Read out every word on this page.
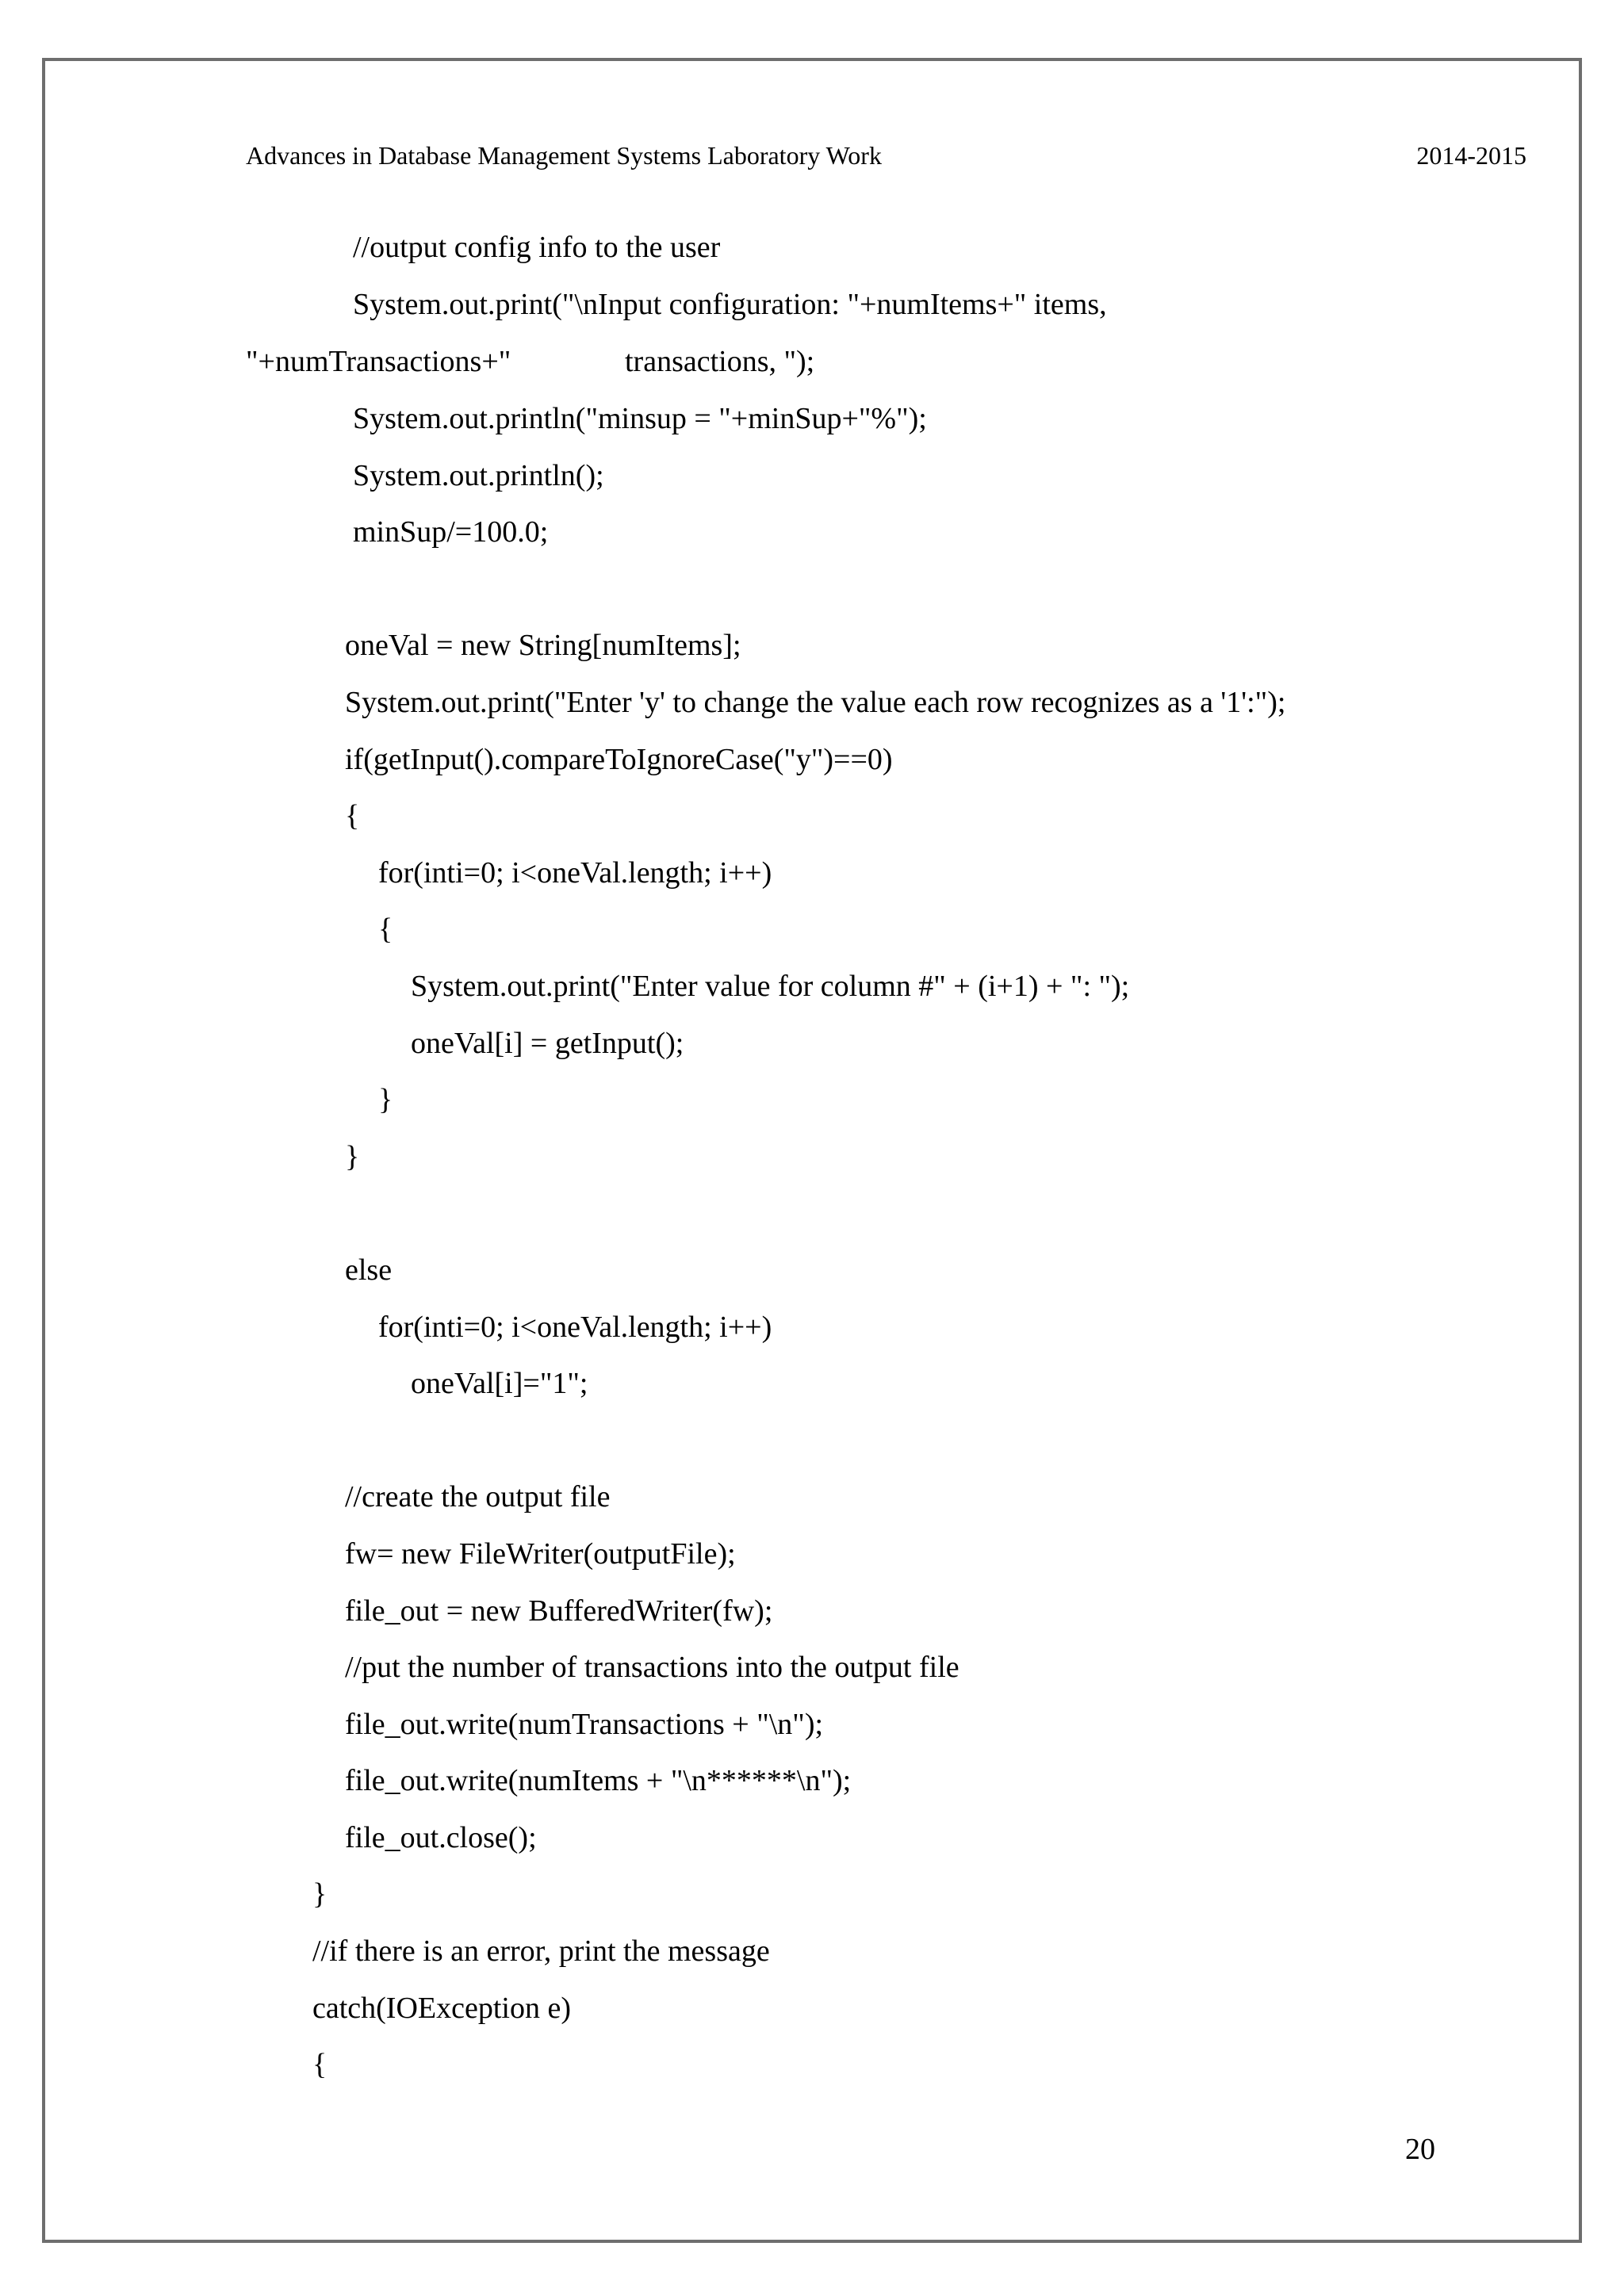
Advances in Database Management Systems Laboratory Work	2014-2015
//output config info to the user
System.out.print("\nInput configuration: "+numItems+" items,
"+numTransactions+"	transactions, ");
System.out.println("minsup = "+minSup+"%");
System.out.println();
minSup/=100.0;
oneVal = new String[numItems];
System.out.print("Enter 'y' to change the value each row recognizes as a '1':");
if(getInput().compareToIgnoreCase("y")==0)
{
for(inti=0; i<oneVal.length; i++)
{
System.out.print("Enter value for column #" + (i+1) + ": ");
oneVal[i] = getInput();
}
}
else
for(inti=0; i<oneVal.length; i++)
oneVal[i]="1";
//create the output file
fw= new FileWriter(outputFile);
file_out = new BufferedWriter(fw);
//put the number of transactions into the output file
file_out.write(numTransactions + "\n");
file_out.write(numItems + "\n******\n");
file_out.close();
}
//if there is an error, print the message
catch(IOException e)
{
20
